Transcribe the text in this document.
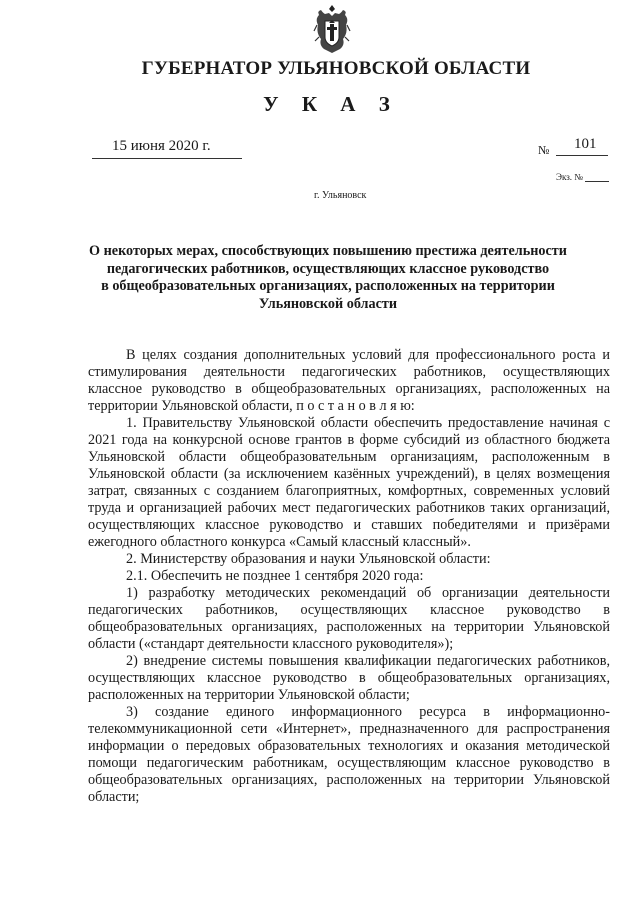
ГУБЕРНАТОР УЛЬЯНОВСКОЙ ОБЛАСТИ
У К А З
15 июня 2020 г.	№ 101
Экз. №
г. Ульяновск
О некоторых мерах, способствующих повышению престижа деятельности
педагогических работников, осуществляющих классное руководство
в общеобразовательных организациях, расположенных на территории
Ульяновской области

В целях создания дополнительных условий для профессионального роста и стимулирования деятельности педагогических работников, осуществляющих классное руководство в общеобразовательных организациях, расположенных на территории Ульяновской области, п о с т а н о в л я ю:

1. Правительству Ульяновской области обеспечить предоставление начиная с 2021 года на конкурсной основе грантов в форме субсидий из областного бюджета Ульяновской области общеобразовательным организациям, расположенным в Ульяновской области (за исключением казённых учреждений), в целях возмещения затрат, связанных с созданием благоприятных, комфортных, современных условий труда и организацией рабочих мест педагогических работников таких организаций, осуществляющих классное руководство и ставших победителями и призёрами ежегодного областного конкурса «Самый классный классный».

2. Министерству образования и науки Ульяновской области:

2.1. Обеспечить не позднее 1 сентября 2020 года:

1) разработку методических рекомендаций об организации деятельности педагогических работников, осуществляющих классное руководство в общеобразовательных организациях, расположенных на территории Ульяновской области («стандарт деятельности классного руководителя»);

2) внедрение системы повышения квалификации педагогических работников, осуществляющих классное руководство в общеобразовательных организациях, расположенных на территории Ульяновской области;

3) создание единого информационного ресурса в информационно-телекоммуникационной сети «Интернет», предназначенного для распространения информации о передовых образовательных технологиях и оказания методической помощи педагогическим работникам, осуществляющим классное руководство в общеобразовательных организациях, расположенных на территории Ульяновской области;
